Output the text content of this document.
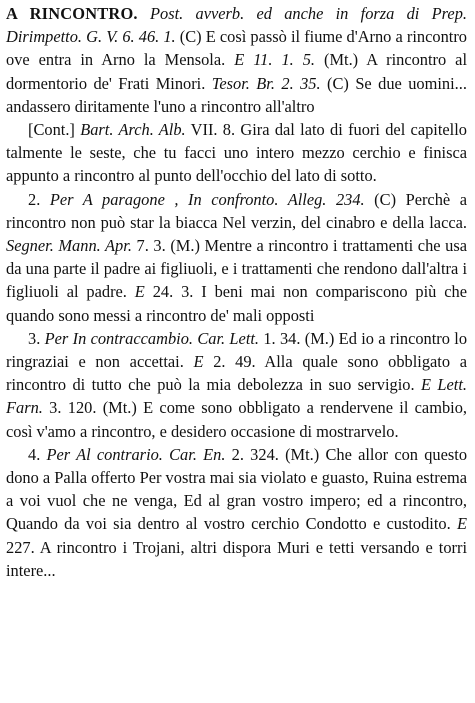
A RINCONTRO. Post. avverb. ed anche in forza di Prep. Dirimpetto. G. V. 6. 46. 1. (C) E così passò il fiume d'Arno a rincontro ove entra in Arno la Mensola. E 11. 1. 5. (Mt.) A rincontro al dormentorio de' Frati Minori. Tesor. Br. 2. 35. (C) Se due uomini... andassero diritamente l'uno a rincontro all'altro

[Cont.] Bart. Arch. Alb. VII. 8. Gira dal lato di fuori del capitello talmente le seste, che tu facci uno intero mezzo cerchio e finisca appunto a rincontro al punto dell'occhio del lato di sotto.

2. Per A paragone , In confronto. Alleg. 234. (C) Perchè a rincontro non può star la biacca Nel verzin, del cinabro e della lacca. Segner. Mann. Apr. 7. 3. (M.) Mentre a rincontro i trattamenti che usa da una parte il padre ai figliuoli, e i trattamenti che rendono dall'altra i figliuoli al padre. E 24. 3. I beni mai non compariscono più che quando sono messi a rincontro de' mali opposti

3. Per In contraccambio. Car. Lett. 1. 34. (M.) Ed io a rincontro lo ringraziai e non accettai. E 2. 49. Alla quale sono obbligato a rincontro di tutto che può la mia debolezza in suo servigio. E Lett. Farn. 3. 120. (Mt.) E come sono obbligato a rendervene il cambio, così v'amo a rincontro, e desidero occasione di mostrarvelo.

4. Per Al contrario. Car. En. 2. 324. (Mt.) Che allor con questo dono a Palla offerto Per vostra mai sia violato e guasto, Ruina estrema a voi vuol che ne venga, Ed al gran vostro impero; ed a rincontro, Quando da voi sia dentro al vostro cerchio Condotto e custodito. E 227. A rincontro i Trojani, altri dispora Muri e tetti versando e torri intere...
